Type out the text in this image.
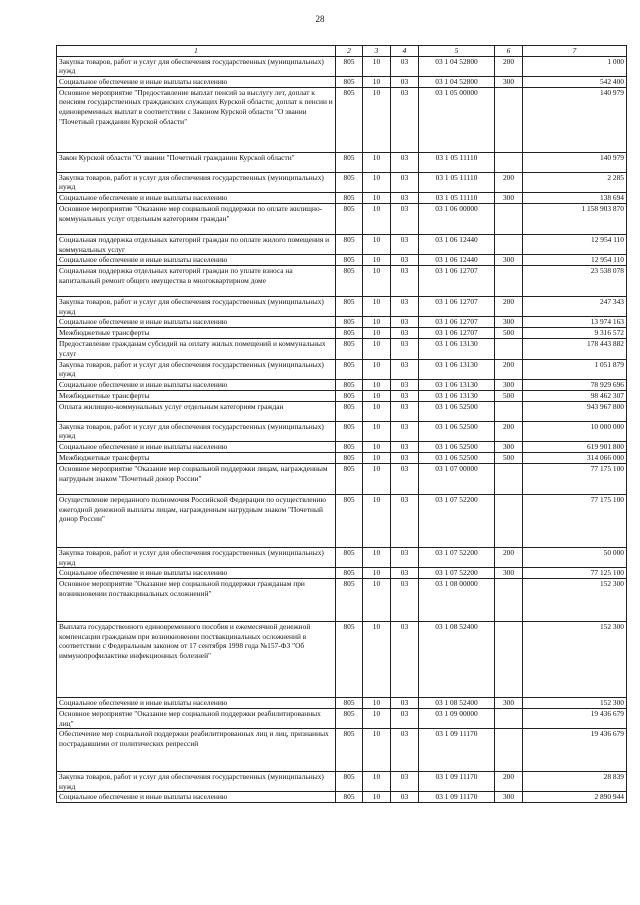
28
1	2	3	4	5	6	7
Закупка товаров, работ и услуг для обеспечения государственных (муниципальных) нужд	805	10	03	03 1 04 52800	200	1 000
Социальное обеспечение и иные выплаты населению	805	10	03	03 1 04 52800	300	542 400
Основное мероприятие "Предоставление выплат пенсий за выслугу лет, доплат к пенсиям государственных гражданских служащих Курской области; доплат к пенсии и единовременных выплат в соответствии с Законом Курской области "О звании "Почетный гражданин Курской области"	805	10	03	03 1 05 00000		140 979
Закон Курской области "О звании "Почетный гражданин Курской области"	805	10	03	03 1 05 11110		140 979
Закупка товаров, работ и услуг для обеспечения государственных (муниципальных) нужд	805	10	03	03 1 05 11110	200	2 285
Социальное обеспечение и иные выплаты населению	805	10	03	03 1 05 11110	300	138 694
Основное мероприятие "Оказание мер социальной поддержки по оплате жилищно-коммунальных услуг отдельным категориям граждан"	805	10	03	03 1 06 00000		1 158 903 870
Социальная поддержка отдельных категорий граждан по оплате жилого помещения и коммунальных услуг	805	10	03	03 1 06 12440		12 954 110
Социальное обеспечение и иные выплаты населению	805	10	03	03 1 06 12440	300	12 954 110
Социальная поддержка отдельных категорий граждан по уплате взноса на капитальный ремонт общего имущества в многоквартирном доме	805	10	03	03 1 06 12707		23 538 078
Закупка товаров, работ и услуг для обеспечения государственных (муниципальных) нужд	805	10	03	03 1 06 12707	200	247 343
Социальное обеспечение и иные выплаты населению	805	10	03	03 1 06 12707	300	13 974 163
Межбюджетные трансферты	805	10	03	03 1 06 12707	500	9 316 572
Предоставление гражданам субсидий на оплату жилых помещений и коммунальных услуг	805	10	03	03 1 06 13130		178 443 882
Закупка товаров, работ и услуг для обеспечения государственных (муниципальных) нужд	805	10	03	03 1 06 13130	200	1 051 879
Социальное обеспечение и иные выплаты населению	805	10	03	03 1 06 13130	300	78 929 696
Межбюджетные трансферты	805	10	03	03 1 06 13130	500	98 462 307
Оплата жилищно-коммунальных услуг отдельным категориям граждан	805	10	03	03 1 06 52500		943 967 800
Закупка товаров, работ и услуг для обеспечения государственных (муниципальных) нужд	805	10	03	03 1 06 52500	200	10 000 000
Социальное обеспечение и иные выплаты населению	805	10	03	03 1 06 52500	300	619 901 800
Межбюджетные трансферты	805	10	03	03 1 06 52500	500	314 066 000
Основное мероприятие "Оказание мер социальной поддержки лицам, награжденным нагрудным знаком "Почетный донор России"	805	10	03	03 1 07 00000		77 175 100
Осуществление переданного полномочия Российской Федерации по осуществлению ежегодной денежной выплаты лицам, награжденным нагрудным знаком "Почетный донор России"	805	10	03	03 1 07 52200		77 175 100
Закупка товаров, работ и услуг для обеспечения государственных (муниципальных) нужд	805	10	03	03 1 07 52200	200	50 000
Социальное обеспечение и иные выплаты населению	805	10	03	03 1 07 52200	300	77 125 100
Основное мероприятие "Оказание мер социальной поддержки гражданам при возникновении поствакцинальных осложнений"	805	10	03	03 1 08 00000		152 300
Выплата государственного единовременного пособия и ежемесячной денежной компенсации гражданам при возникновении поствакцинальных осложнений в соответствии с Федеральным законом от 17 сентября 1998 года №157-ФЗ "Об иммунопрофилактике инфекционных болезней"	805	10	03	03 1 08 52400		152 300
Социальное обеспечение и иные выплаты населению	805	10	03	03 1 08 52400	300	152 300
Основное мероприятие "Оказание мер социальной поддержки реабилитированных лиц"	805	10	03	03 1 09 00000		19 436 679
Обеспечение мер социальной поддержки реабилитированных лиц и лиц, признанных пострадавшими от политических репрессий	805	10	03	03 1 09 11170		19 436 679
Закупка товаров, работ и услуг для обеспечения государственных (муниципальных) нужд	805	10	03	03 1 09 11170	200	28 839
Социальное обеспечение и иные выплаты населению	805	10	03	03 1 09 11170	300	2 890 944
